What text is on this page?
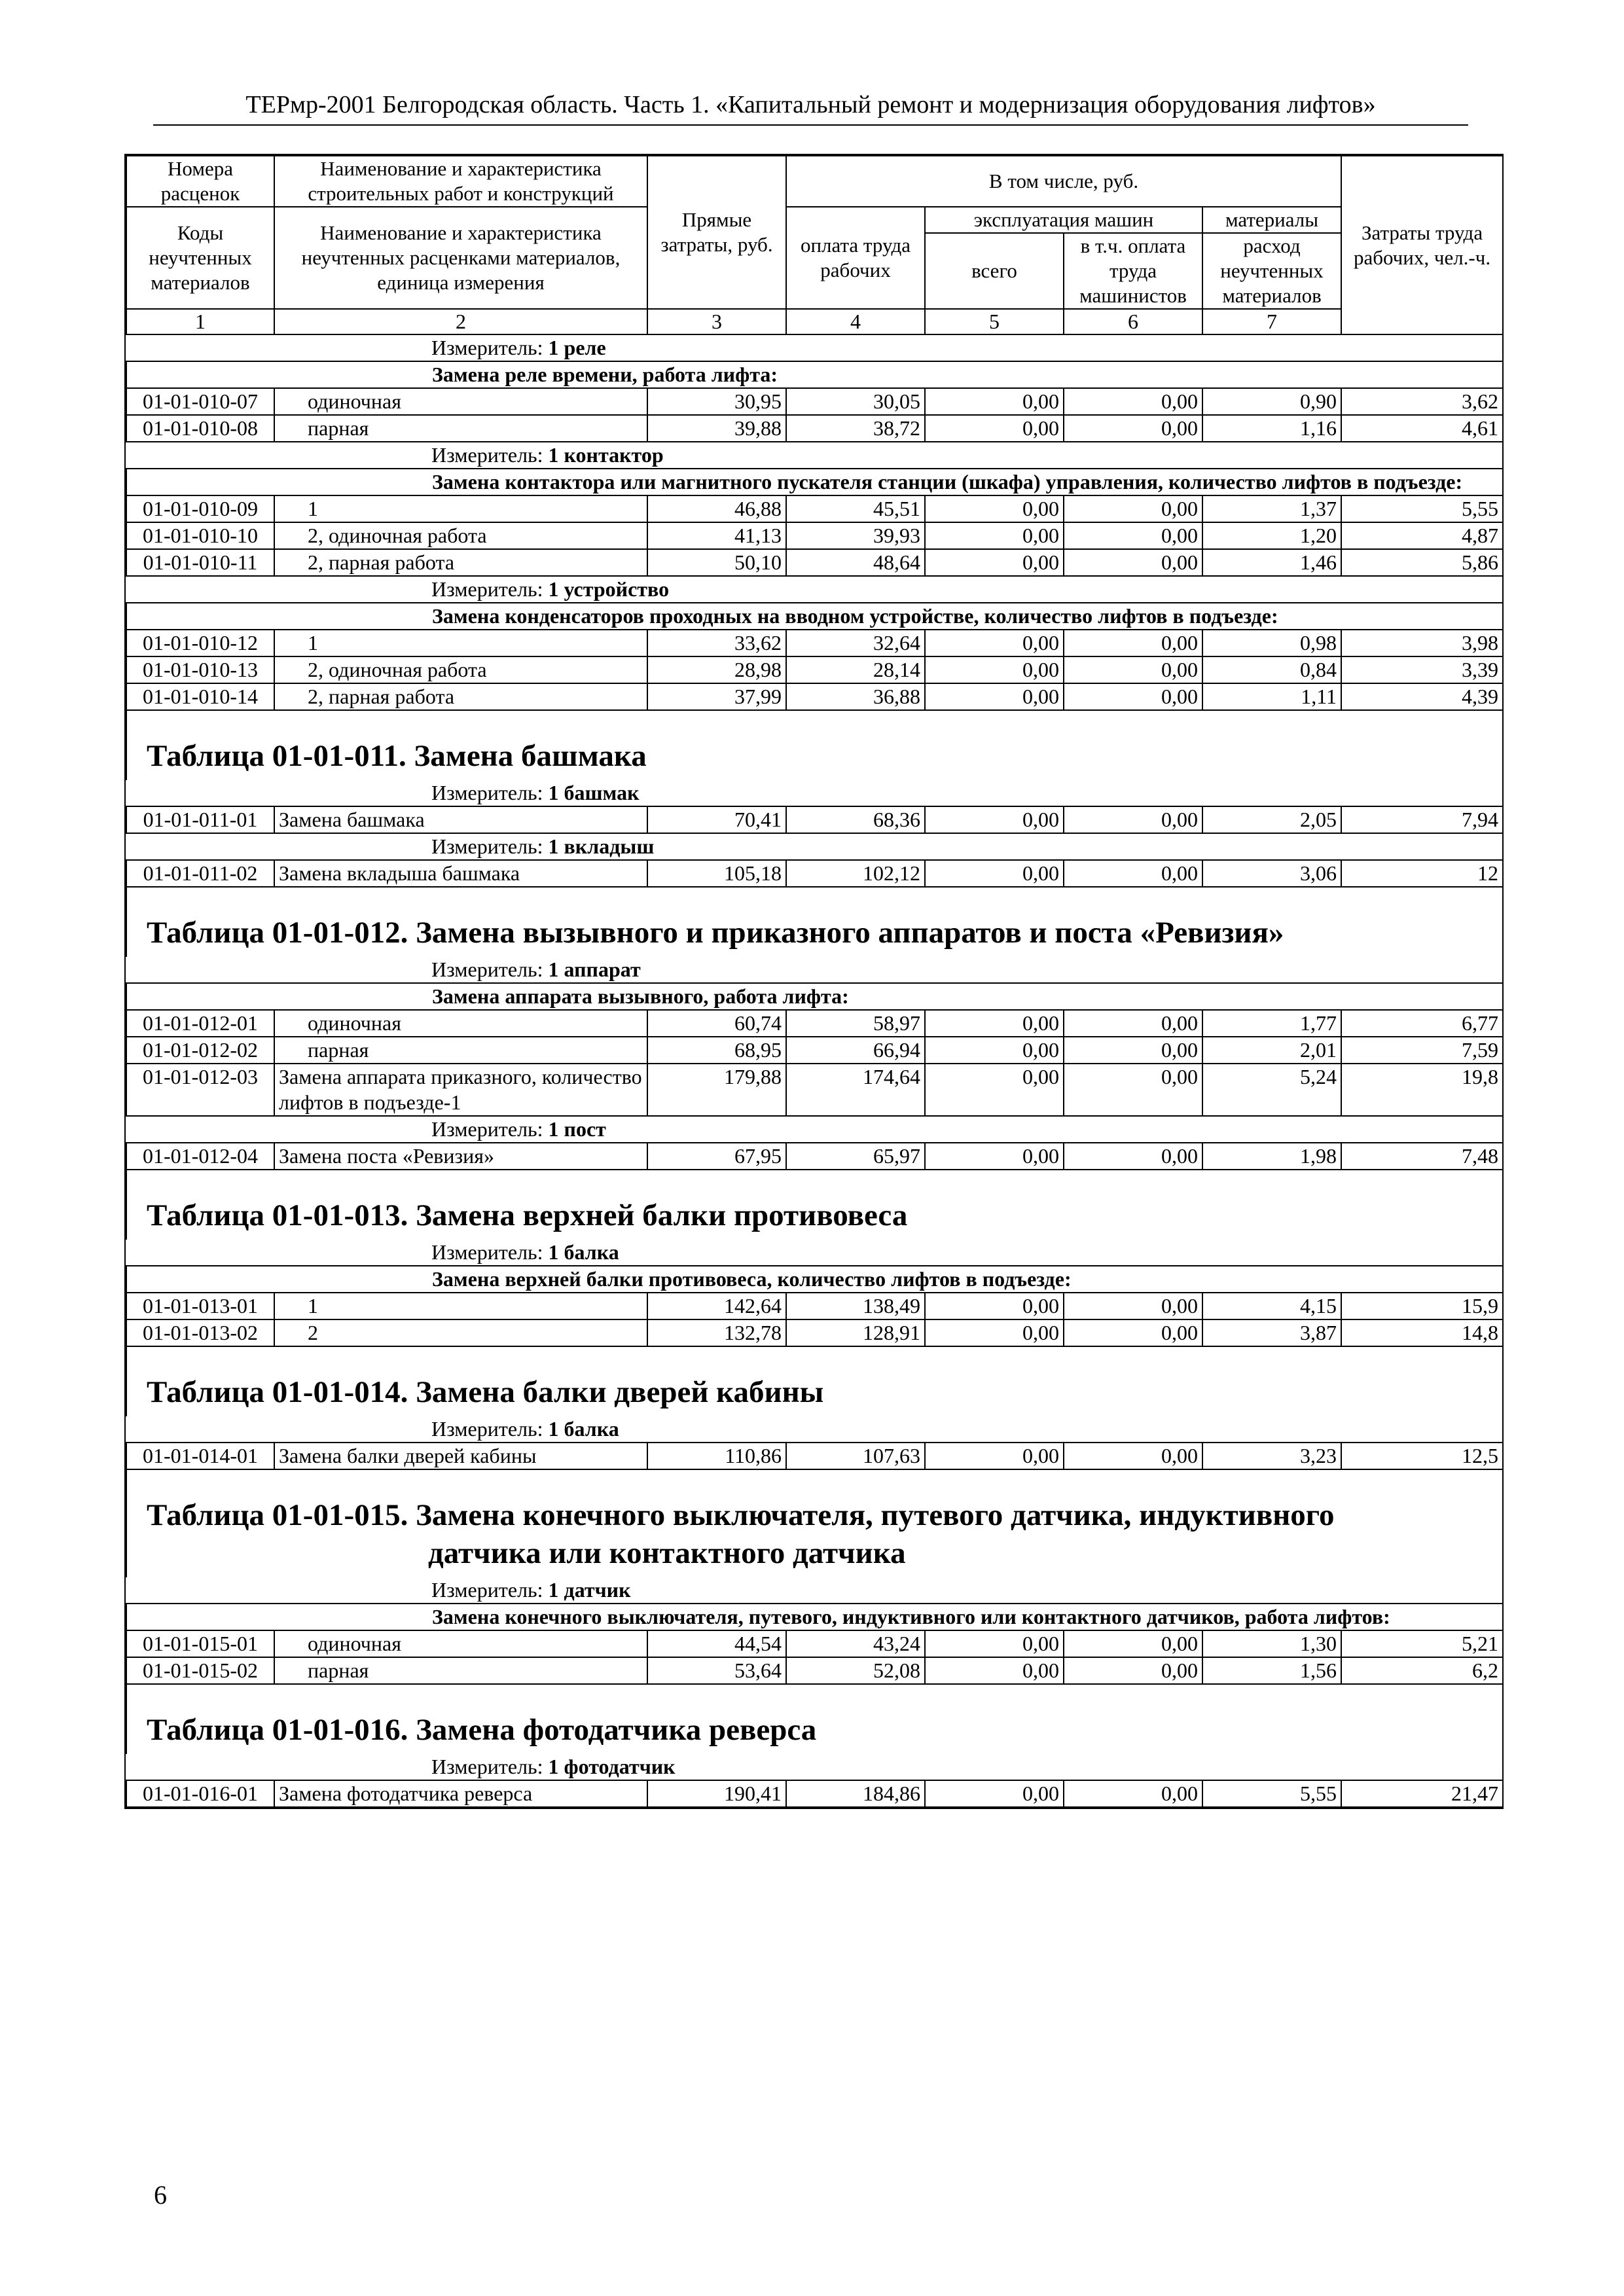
ТЕРмр-2001 Белгородская область. Часть 1. «Капитальный ремонт и модернизация оборудования лифтов»
Номера расценок	Наименование и характеристика строительных работ и конструкций	Прямые затраты, руб.	В том числе, руб.				Затраты труда рабочих, чел.-ч.	
Коды неучтенных материалов	Наименование и характеристика неучтенных расценками материалов, единица измерения		оплата труда рабочих	эксплуатация машин		материалы		
				всего	в т.ч. оплата труда машинистов	расход неучтенных материалов		
1	2	3	4	5	6	7	
Измеритель: 1 реле								
Замена реле времени, работа лифта:								
01-01-010-07	одиночная	30,95	30,05	0,00	0,00	0,90	3,62	
01-01-010-08	парная	39,88	38,72	0,00	0,00	1,16	4,61	
Измеритель: 1 контактор								
Замена контактора или магнитного пускателя станции (шкафа) управления, количество лифтов в подъезде:								
01-01-010-09	1	46,88	45,51	0,00	0,00	1,37	5,55	
01-01-010-10	2, одиночная работа	41,13	39,93	0,00	0,00	1,20	4,87	
01-01-010-11	2, парная работа	50,10	48,64	0,00	0,00	1,46	5,86	
Измеритель: 1 устройство								
Замена конденсаторов проходных на вводном устройстве, количество лифтов в подъезде:								
01-01-010-12	1	33,62	32,64	0,00	0,00	0,98	3,98	
01-01-010-13	2, одиночная работа	28,98	28,14	0,00	0,00	0,84	3,39	
01-01-010-14	2, парная работа	37,99	36,88	0,00	0,00	1,11	4,39	
Таблица 01-01-011. Замена башмака								
Измеритель: 1 башмак								
01-01-011-01	Замена башмака	70,41	68,36	0,00	0,00	2,05	7,94	
Измеритель: 1 вкладыш								
01-01-011-02	Замена вкладыша башмака	105,18	102,12	0,00	0,00	3,06	12	
Таблица 01-01-012. Замена вызывного и приказного аппаратов и поста «Ревизия»								
Измеритель: 1 аппарат								
Замена аппарата вызывного, работа лифта:								
01-01-012-01	одиночная	60,74	58,97	0,00	0,00	1,77	6,77	
01-01-012-02	парная	68,95	66,94	0,00	0,00	2,01	7,59	
01-01-012-03	Замена аппарата приказного, количество лифтов в подъезде-1	179,88	174,64	0,00	0,00	5,24	19,8	
Измеритель: 1 пост								
01-01-012-04	Замена поста «Ревизия»	67,95	65,97	0,00	0,00	1,98	7,48	
Таблица 01-01-013. Замена верхней балки противовеса								
Измеритель: 1 балка								
Замена верхней балки противовеса, количество лифтов в подъезде:								
01-01-013-01	1	142,64	138,49	0,00	0,00	4,15	15,9	
01-01-013-02	2	132,78	128,91	0,00	0,00	3,87	14,8	
Таблица 01-01-014. Замена балки дверей кабины								
Измеритель: 1 балка								
01-01-014-01	Замена балки дверей кабины	110,86	107,63	0,00	0,00	3,23	12,5	
Таблица 01-01-015. Замена конечного выключателя, путевого датчика, индуктивного
датчика или контактного датчика								

Измеритель: 1 датчик								
Замена конечного выключателя, путевого, индуктивного или контактного датчиков, работа лифтов:								
01-01-015-01	одиночная	44,54	43,24	0,00	0,00	1,30	5,21	
01-01-015-02	парная	53,64	52,08	0,00	0,00	1,56	6,2	
Таблица 01-01-016. Замена фотодатчика реверса								
Измеритель: 1 фотодатчик								
01-01-016-01	Замена фотодатчика реверса	190,41	184,86	0,00	0,00	5,55	21,47	
6
